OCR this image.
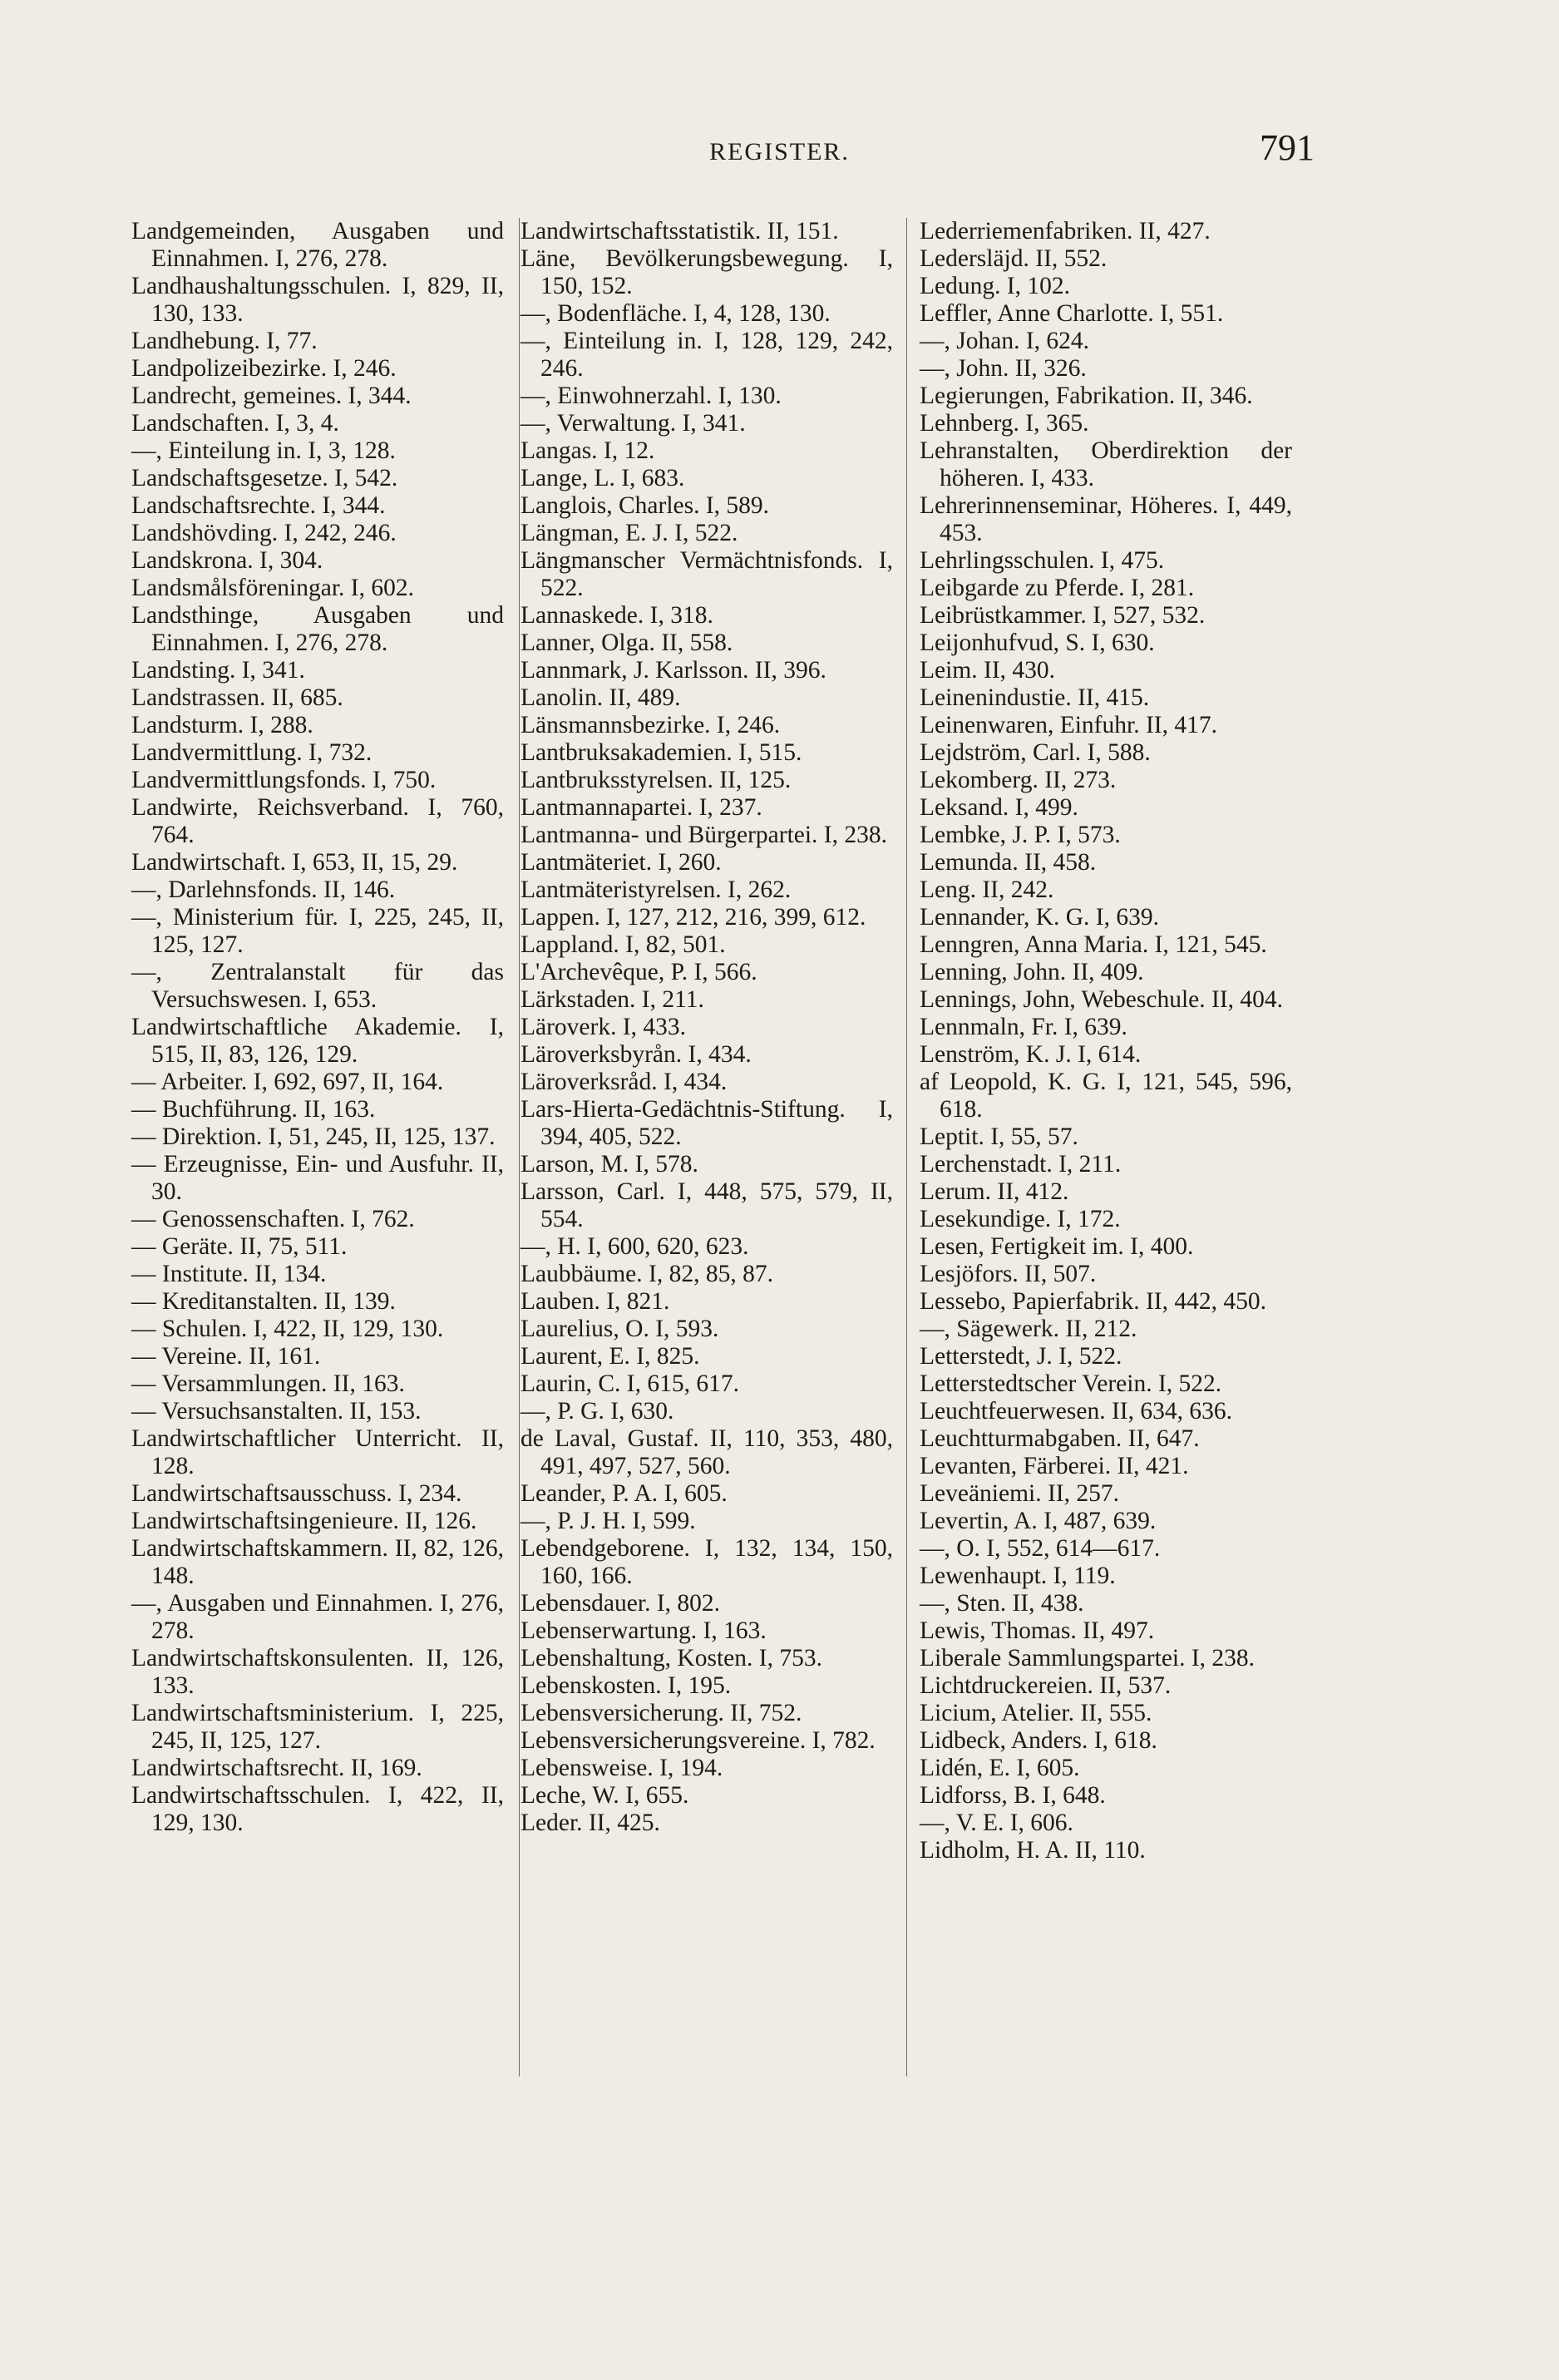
REGISTER.	791

Landgemeinden, Ausgaben und Einnahmen. I, 276, 278.

Landhaushaltungsschulen. I, 829, II, 130, 133.

Landhebung. I, 77.

Landpolizeibezirke. I, 246.

Landrecht, gemeines. I, 344.

Landschaften. I, 3, 4.

—, Einteilung in. I, 3, 128.

Landschaftsgesetze. I, 542.

Landschaftsrechte. I, 344.

Landshövding. I, 242, 246.

Landskrona. I, 304.

Landsmålsföreningar. I, 602.

Landsthinge, Ausgaben und Einnahmen. I, 276, 278.

Landsting. I, 341.

Landstrassen. II, 685.

Landsturm. I, 288.

Landvermittlung. I, 732.

Landvermittlungsfonds. I, 750.

Landwirte, Reichsverband. I, 760, 764.

Landwirtschaft. I, 653, II, 15, 29.

—, Darlehnsfonds. II, 146.

—, Ministerium für. I, 225, 245, II, 125, 127.

—, Zentralanstalt für das Versuchswesen. I, 653.

Landwirtschaftliche Akademie. I, 515, II, 83, 126, 129.

— Arbeiter. I, 692, 697, II, 164.

— Buchführung. II, 163.

— Direktion. I, 51, 245, II, 125, 137.

— Erzeugnisse, Ein- und Ausfuhr. II, 30.

— Genossenschaften. I, 762.

— Geräte. II, 75, 511.

— Institute. II, 134.

— Kreditanstalten. II, 139.

— Schulen. I, 422, II, 129, 130.

— Vereine. II, 161.

— Versammlungen. II, 163.

— Versuchsanstalten. II, 153.

Landwirtschaftlicher Unterricht. II, 128.

Landwirtschaftsausschuss. I, 234.

Landwirtschaftsingenieure. II, 126.

Landwirtschaftskammern. II, 82, 126, 148.

—, Ausgaben und Einnahmen. I, 276, 278.

Landwirtschaftskonsulenten. II, 126, 133.

Landwirtschaftsministerium. I, 225, 245, II, 125, 127.

Landwirtschaftsrecht. II, 169.

Landwirtschaftsschulen. I, 422, II, 129, 130.

Landwirtschaftsstatistik. II, 151.

Läne, Bevölkerungsbewegung. I, 150, 152.

—, Bodenfläche. I, 4, 128, 130.

—, Einteilung in. I, 128, 129, 242, 246.

—, Einwohnerzahl. I, 130.

—, Verwaltung. I, 341.

Langas. I, 12.

Lange, L. I, 683.

Langlois, Charles. I, 589.

Längman, E. J. I, 522.

Längmanscher Vermächtnisfonds. I, 522.

Lannaskede. I, 318.

Lanner, Olga. II, 558.

Lannmark, J. Karlsson. II, 396.

Lanolin. II, 489.

Länsmannsbezirke. I, 246.

Lantbruksakademien. I, 515.

Lantbruksstyrelsen. II, 125.

Lantmannapartei. I, 237.

Lantmanna- und Bürgerpartei. I, 238.

Lantmäteriet. I, 260.

Lantmäteristyrelsen. I, 262.

Lappen. I, 127, 212, 216, 399, 612.

Lappland. I, 82, 501.

L'Archevêque, P. I, 566.

Lärkstaden. I, 211.

Läroverk. I, 433.

Läroverksbyrån. I, 434.

Läroverksråd. I, 434.

Lars-Hierta-Gedächtnis-Stiftung. I, 394, 405, 522.

Larson, M. I, 578.

Larsson, Carl. I, 448, 575, 579, II, 554.

—, H. I, 600, 620, 623.

Laubbäume. I, 82, 85, 87.

Lauben. I, 821.

Laurelius, O. I, 593.

Laurent, E. I, 825.

Laurin, C. I, 615, 617.

—, P. G. I, 630.

de Laval, Gustaf. II, 110, 353, 480, 491, 497, 527, 560.

Leander, P. A. I, 605.

—, P. J. H. I, 599.

Lebendgeborene. I, 132, 134, 150, 160, 166.

Lebensdauer. I, 802.

Lebenserwartung. I, 163.

Lebenshaltung, Kosten. I, 753.

Lebenskosten. I, 195.

Lebensversicherung. II, 752.

Lebensversicherungsvereine. I, 782.

Lebensweise. I, 194.

Leche, W. I, 655.

Leder. II, 425.

Lederriemenfabriken. II, 427.

Ledersläjd. II, 552.

Ledung. I, 102.

Leffler, Anne Charlotte. I, 551.

—, Johan. I, 624.

—, John. II, 326.

Legierungen, Fabrikation. II, 346.

Lehnberg. I, 365.

Lehranstalten, Oberdirektion der höheren. I, 433.

Lehrerinnenseminar, Höheres. I, 449, 453.

Lehrlingsschulen. I, 475.

Leibgarde zu Pferde. I, 281.

Leibrüstkammer. I, 527, 532.

Leijonhufvud, S. I, 630.

Leim. II, 430.

Leinenindustie. II, 415.

Leinenwaren, Einfuhr. II, 417.

Lejdström, Carl. I, 588.

Lekomberg. II, 273.

Leksand. I, 499.

Lembke, J. P. I, 573.

Lemunda. II, 458.

Leng. II, 242.

Lennander, K. G. I, 639.

Lenngren, Anna Maria. I, 121, 545.

Lenning, John. II, 409.

Lennings, John, Webeschule. II, 404.

Lennmaln, Fr. I, 639.

Lenström, K. J. I, 614.

af Leopold, K. G. I, 121, 545, 596, 618.

Leptit. I, 55, 57.

Lerchenstadt. I, 211.

Lerum. II, 412.

Lesekundige. I, 172.

Lesen, Fertigkeit im. I, 400.

Lesjöfors. II, 507.

Lessebo, Papierfabrik. II, 442, 450.

—, Sägewerk. II, 212.

Letterstedt, J. I, 522.

Letterstedtscher Verein. I, 522.

Leuchtfeuerwesen. II, 634, 636.

Leuchtturmabgaben. II, 647.

Levanten, Färberei. II, 421.

Leveäniemi. II, 257.

Levertin, A. I, 487, 639.

—, O. I, 552, 614—617.

Lewenhaupt. I, 119.

—, Sten. II, 438.

Lewis, Thomas. II, 497.

Liberale Sammlungspartei. I, 238.

Lichtdruckereien. II, 537.

Licium, Atelier. II, 555.

Lidbeck, Anders. I, 618.

Lidén, E. I, 605.

Lidforss, B. I, 648.

—, V. E. I, 606.

Lidholm, H. A. II, 110.
